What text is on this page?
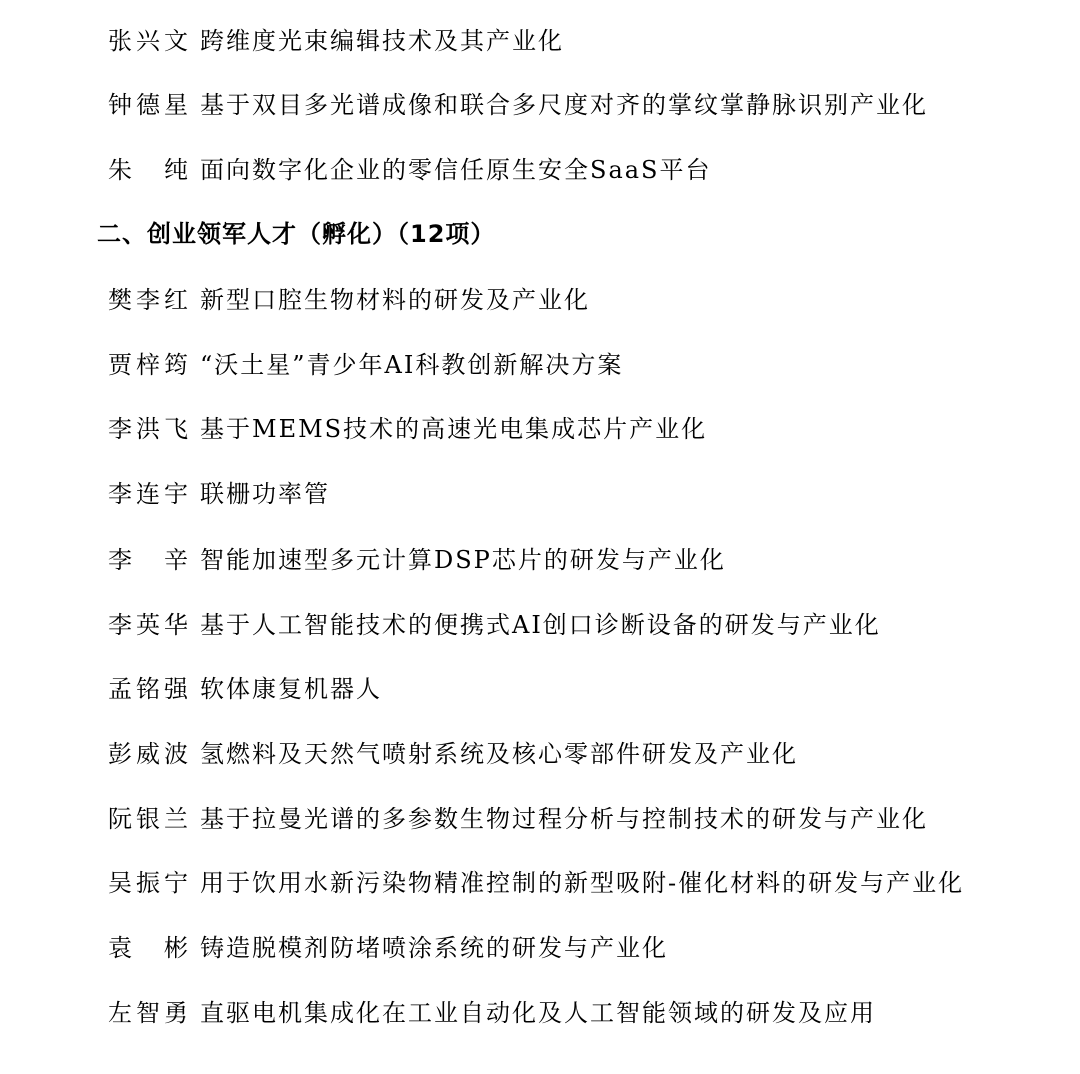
张兴文 跨维度光束编辑技术及其产业化
钟德星 基于双目多光谱成像和联合多尺度对齐的掌纹掌静脉识别产业化
朱　纯 面向数字化企业的零信任原生安全SaaS平台
二、创业领军人才（孵化）（12项）
樊李红 新型口腔生物材料的研发及产业化
贾梓筠 “沃土星”青少年AI科教创新解决方案
李洪飞 基于MEMS技术的高速光电集成芯片产业化
李连宇 联栅功率管
李　辛 智能加速型多元计算DSP芯片的研发与产业化
李英华 基于人工智能技术的便携式AI创口诊断设备的研发与产业化
孟铭强 软体康复机器人
彭威波 氢燃料及天然气喷射系统及核心零部件研发及产业化
阮银兰 基于拉曼光谱的多参数生物过程分析与控制技术的研发与产业化
吴振宁 用于饮用水新污染物精准控制的新型吸附-催化材料的研发与产业化
袁　彬 铸造脱模剂防堵喷涂系统的研发与产业化
左智勇 直驱电机集成化在工业自动化及人工智能领域的研发及应用
